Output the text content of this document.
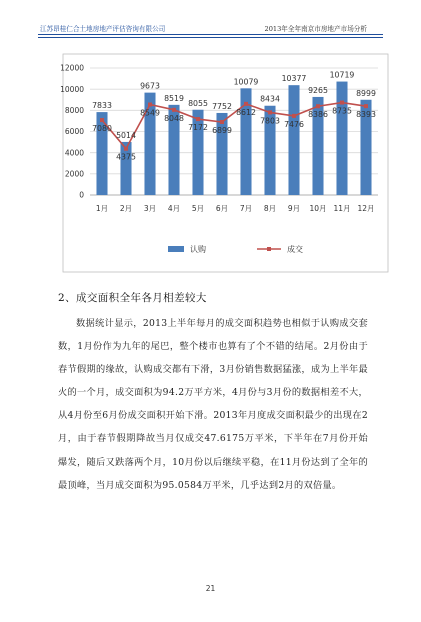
江苏昂桂仁合土地房地产评估咨询有限公司	2013年全年南京市房地产市场分析
0
2000
4000
6000
8000
10000
12000
1月 2月 3月 4月 5月 6月 7月 8月 9月 10月 11月 12月
7833
5014
9673
8519
8055 7752
10079
8434
10377
9265
10719
8999
7080
4375
8549
8048
7172 6899
8612
7803 7476
8386 8735 8393
认购	成交
2、成交面积全年各月相差较大
数据统计显示，2013上半年每月的成交面积趋势也相似于认购成交套数，1月份作为九年的尾巴，整个楼市也算有了个不错的结尾。2月份由于春节假期的缘故，认购成交都有下滑，3月份销售数据猛涨，成为上半年最火的一个月，成交面积为94.2万平方米，4月份与3月份的数据相差不大，从4月份至6月份成交面积开始下滑。2013年月度成交面积最少的出现在2月，由于春节假期降故当月仅成交47.6175万平米，下半年在7月份开始爆发，随后又跌落两个月，10月份以后继续平稳，在11月份达到了全年的最顶峰，当月成交面积为95.0584万平米，几乎达到2月的双倍量。
21
